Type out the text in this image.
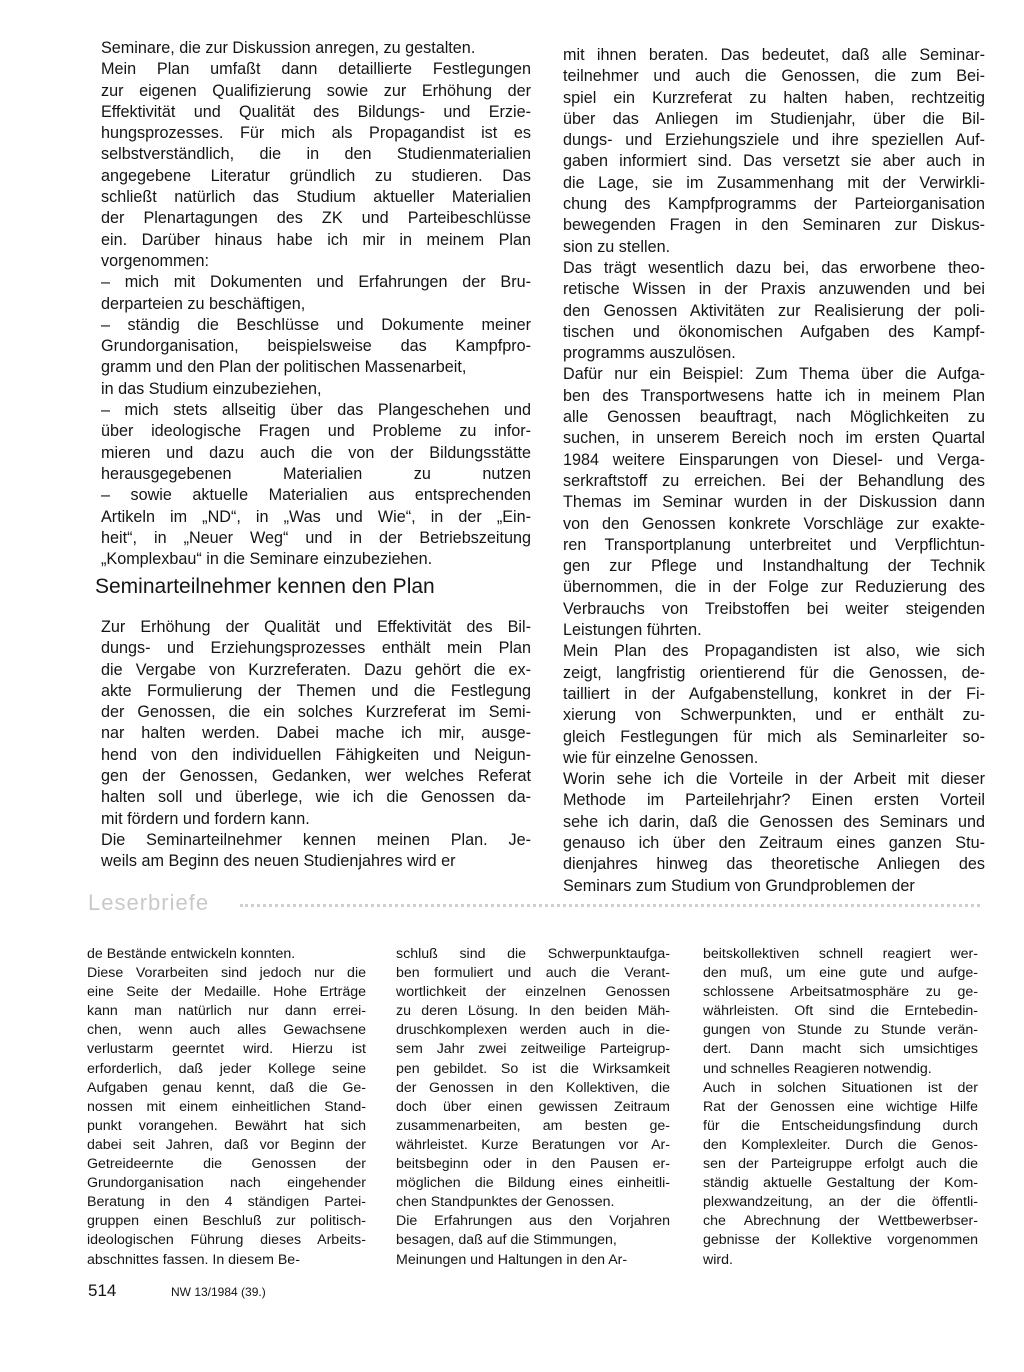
Seminare, die zur Diskussion anregen, zu gestalten.
Mein Plan umfaßt dann detaillierte Festlegungen
zur eigenen Qualifizierung sowie zur Erhöhung der
Effektivität und Qualität des Bildungs- und Erzie-
hungsprozesses. Für mich als Propagandist ist es
selbstverständlich, die in den Studienmaterialien
angegebene Literatur gründlich zu studieren. Das
schließt natürlich das Studium aktueller Materialien
der Plenartagungen des ZK und Parteibeschlüsse
ein. Darüber hinaus habe ich mir in meinem Plan
vorgenommen:
– mich mit Dokumenten und Erfahrungen der Bru-
derparteien zu beschäftigen,
– ständig die Beschlüsse und Dokumente meiner
Grundorganisation, beispielsweise das Kampfpro-
gramm und den Plan der politischen Massenarbeit,
in das Studium einzubeziehen,
– mich stets allseitig über das Plangeschehen und
über ideologische Fragen und Probleme zu infor-
mieren und dazu auch die von der Bildungsstätte
herausgegebenen Materialien zu nutzen
– sowie aktuelle Materialien aus entsprechenden
Artikeln im „ND“, in „Was und Wie“, in der „Ein-
heit“, in „Neuer Weg“ und in der Betriebszeitung
„Komplexbau“ in die Seminare einzubeziehen.
Seminarteilnehmer kennen den Plan
Zur Erhöhung der Qualität und Effektivität des Bil-
dungs- und Erziehungsprozesses enthält mein Plan
die Vergabe von Kurzreferaten. Dazu gehört die ex-
akte Formulierung der Themen und die Festlegung
der Genossen, die ein solches Kurzreferat im Semi-
nar halten werden. Dabei mache ich mir, ausge-
hend von den individuellen Fähigkeiten und Neigun-
gen der Genossen, Gedanken, wer welches Referat
halten soll und überlege, wie ich die Genossen da-
mit fördern und fordern kann.
Die Seminarteilnehmer kennen meinen Plan. Je-
weils am Beginn des neuen Studienjahres wird er
mit ihnen beraten. Das bedeutet, daß alle Seminar-
teilnehmer und auch die Genossen, die zum Bei-
spiel ein Kurzreferat zu halten haben, rechtzeitig
über das Anliegen im Studienjahr, über die Bil-
dungs- und Erziehungsziele und ihre speziellen Auf-
gaben informiert sind. Das versetzt sie aber auch in
die Lage, sie im Zusammenhang mit der Verwirkli-
chung des Kampfprogramms der Parteiorganisation
bewegenden Fragen in den Seminaren zur Diskus-
sion zu stellen.
Das trägt wesentlich dazu bei, das erworbene theo-
retische Wissen in der Praxis anzuwenden und bei
den Genossen Aktivitäten zur Realisierung der poli-
tischen und ökonomischen Aufgaben des Kampf-
programms auszulösen.
Dafür nur ein Beispiel: Zum Thema über die Aufga-
ben des Transportwesens hatte ich in meinem Plan
alle Genossen beauftragt, nach Möglichkeiten zu
suchen, in unserem Bereich noch im ersten Quartal
1984 weitere Einsparungen von Diesel- und Verga-
serkraftstoff zu erreichen. Bei der Behandlung des
Themas im Seminar wurden in der Diskussion dann
von den Genossen konkrete Vorschläge zur exakte-
ren Transportplanung unterbreitet und Verpflichtun-
gen zur Pflege und Instandhaltung der Technik
übernommen, die in der Folge zur Reduzierung des
Verbrauchs von Treibstoffen bei weiter steigenden
Leistungen führten.
Mein Plan des Propagandisten ist also, wie sich
zeigt, langfristig orientierend für die Genossen, de-
tailliert in der Aufgabenstellung, konkret in der Fi-
xierung von Schwerpunkten, und er enthält zu-
gleich Festlegungen für mich als Seminarleiter so-
wie für einzelne Genossen.
Worin sehe ich die Vorteile in der Arbeit mit dieser
Methode im Parteilehrjahr? Einen ersten Vorteil
sehe ich darin, daß die Genossen des Seminars und
genauso ich über den Zeitraum eines ganzen Stu-
dienjahres hinweg das theoretische Anliegen des
Seminars zum Studium von Grundproblemen der
Leserbriefe
de Bestände entwickeln konnten.
Diese Vorarbeiten sind jedoch nur die
eine Seite der Medaille. Hohe Erträge
kann man natürlich nur dann errei-
chen, wenn auch alles Gewachsene
verlustarm geerntet wird. Hierzu ist
erforderlich, daß jeder Kollege seine
Aufgaben genau kennt, daß die Ge-
nossen mit einem einheitlichen Stand-
punkt vorangehen. Bewährt hat sich
dabei seit Jahren, daß vor Beginn der
Getreideernte die Genossen der
Grundorganisation nach eingehender
Beratung in den 4 ständigen Partei-
gruppen einen Beschluß zur politisch-
ideologischen Führung dieses Arbeits-
abschnittes fassen. In diesem Be-
schluß sind die Schwerpunktaufga-
ben formuliert und auch die Verant-
wortlichkeit der einzelnen Genossen
zu deren Lösung. In den beiden Mäh-
druschkomplexen werden auch in die-
sem Jahr zwei zeitweilige Parteigrup-
pen gebildet. So ist die Wirksamkeit
der Genossen in den Kollektiven, die
doch über einen gewissen Zeitraum
zusammenarbeiten, am besten ge-
währleistet. Kurze Beratungen vor Ar-
beitsbeginn oder in den Pausen er-
möglichen die Bildung eines einheitli-
chen Standpunktes der Genossen.
Die Erfahrungen aus den Vorjahren
besagen, daß auf die Stimmungen,
Meinungen und Haltungen in den Ar-
beitskollektiven schnell reagiert wer-
den muß, um eine gute und aufge-
schlossene Arbeitsatmosphäre zu ge-
währleisten. Oft sind die Erntebedin-
gungen von Stunde zu Stunde verän-
dert. Dann macht sich umsichtiges
und schnelles Reagieren notwendig.
Auch in solchen Situationen ist der
Rat der Genossen eine wichtige Hilfe
für die Entscheidungsfindung durch
den Komplexleiter. Durch die Genos-
sen der Parteigruppe erfolgt auch die
ständig aktuelle Gestaltung der Kom-
plexwandzeitung, an der die öffentli-
che Abrechnung der Wettbewerbser-
gebnisse der Kollektive vorgenommen
wird.
514	NW 13/1984 (39.)
